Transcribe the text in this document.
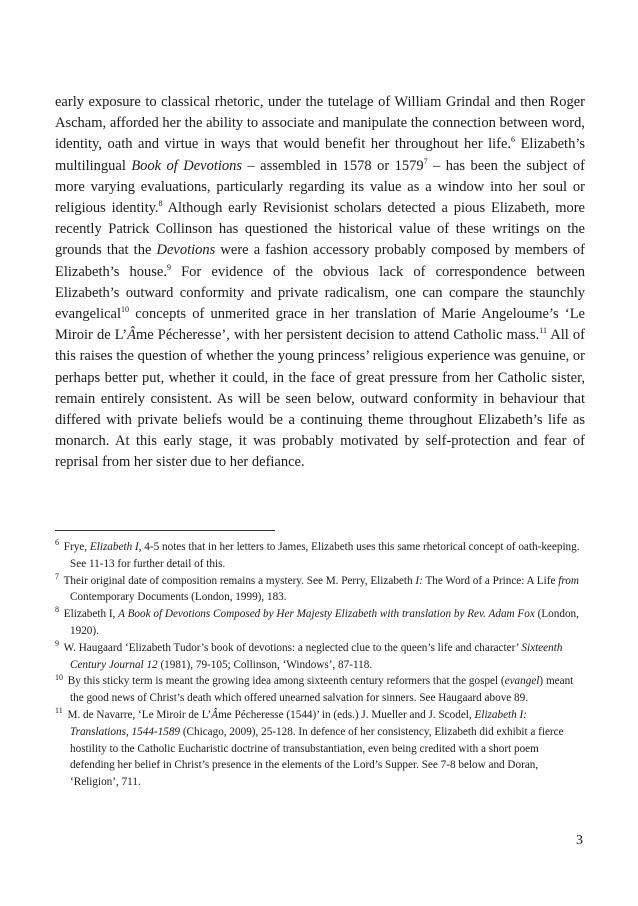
early exposure to classical rhetoric, under the tutelage of William Grindal and then Roger Ascham, afforded her the ability to associate and manipulate the connection between word, identity, oath and virtue in ways that would benefit her throughout her life.$^6$ Elizabeth’s multilingual Book of Devotions – assembled in 1578 or 1579$^7$ – has been the subject of more varying evaluations, particularly regarding its value as a window into her soul or religious identity.$^8$ Although early Revisionist scholars detected a pious Elizabeth, more recently Patrick Collinson has questioned the historical value of these writings on the grounds that the Devotions were a fashion accessory probably composed by members of Elizabeth’s house.$^9$ For evidence of the obvious lack of correspondence between Elizabeth’s outward conformity and private radicalism, one can compare the staunchly evangelical$^{10}$ concepts of unmerited grace in her translation of Marie Angeloume’s ‘Le Miroir de L’Âme Pécheresse’, with her persistent decision to attend Catholic mass.$^{11}$ All of this raises the question of whether the young princess’ religious experience was genuine, or perhaps better put, whether it could, in the face of great pressure from her Catholic sister, remain entirely consistent. As will be seen below, outward conformity in behaviour that differed with private beliefs would be a continuing theme throughout Elizabeth’s life as monarch. At this early stage, it was probably motivated by self-protection and fear of reprisal from her sister due to her defiance.

$^6$ Frye, Elizabeth I, 4-5 notes that in her letters to James, Elizabeth uses this same rhetorical concept of oath-keeping. See 11-13 for further detail of this.

$^7$ Their original date of composition remains a mystery. See M. Perry, Elizabeth I: The Word of a Prince: A Life from Contemporary Documents (London, 1999), 183.

$^8$ Elizabeth I, A Book of Devotions Composed by Her Majesty Elizabeth with translation by Rev. Adam Fox (London, 1920).

$^9$ W. Haugaard ‘Elizabeth Tudor’s book of devotions: a neglected clue to the queen’s life and character’ Sixteenth Century Journal 12 (1981), 79-105; Collinson, ‘Windows’, 87-118.

$^{10}$ By this sticky term is meant the growing idea among sixteenth century reformers that the gospel (evangel) meant the good news of Christ’s death which offered unearned salvation for sinners. See Haugaard above 89.

$^{11}$ M. de Navarre, ‘Le Miroir de L’Âme Pécheresse (1544)’ in (eds.) J. Mueller and J. Scodel, Elizabeth I: Translations, 1544-1589 (Chicago, 2009), 25-128. In defence of her consistency, Elizabeth did exhibit a fierce hostility to the Catholic Eucharistic doctrine of transubstantiation, even being credited with a short poem defending her belief in Christ’s presence in the elements of the Lord’s Supper. See 7-8 below and Doran, ‘Religion’, 711.

3
